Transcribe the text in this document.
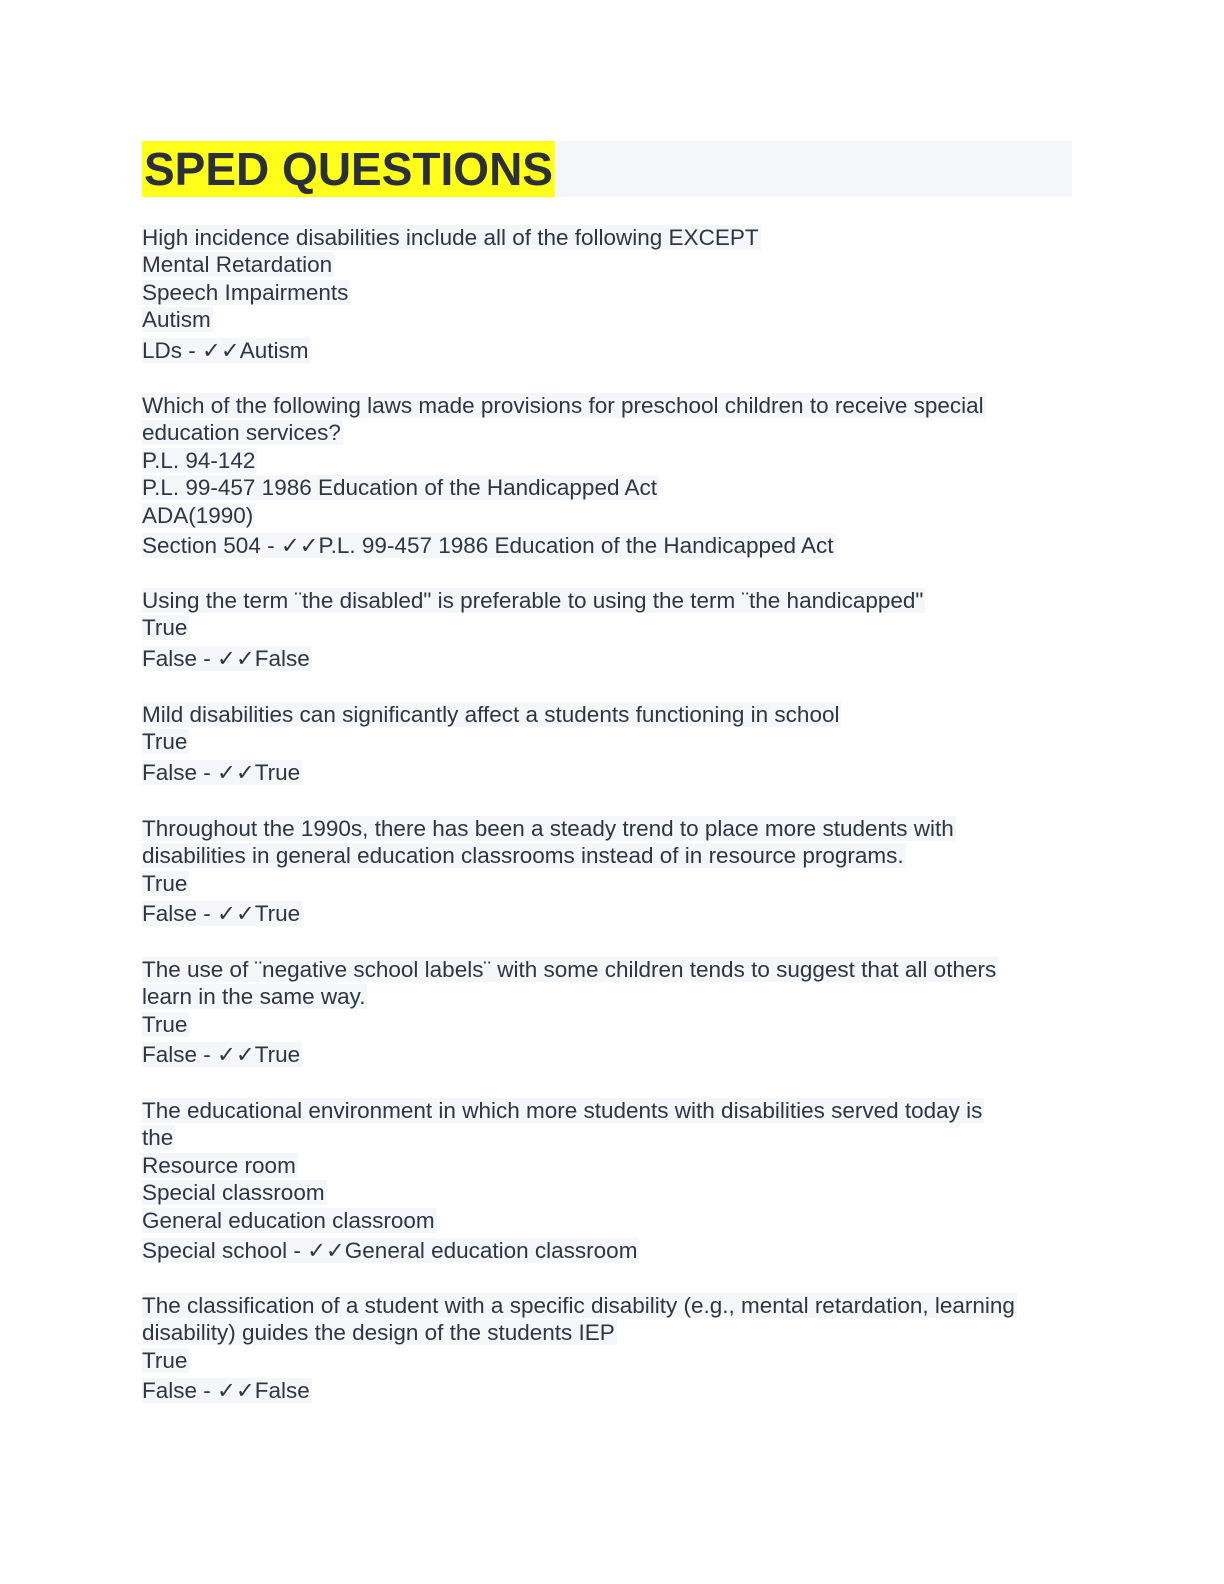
SPED QUESTIONS
High incidence disabilities include all of the following EXCEPT
Mental Retardation
Speech Impairments
Autism
LDs - ✓✓Autism
Which of the following laws made provisions for preschool children to receive special
education services?
P.L. 94-142
P.L. 99-457 1986 Education of the Handicapped Act
ADA(1990)
Section 504 - ✓✓P.L. 99-457 1986 Education of the Handicapped Act
Using the term ¨the disabled" is preferable to using the term ¨the handicapped"
True
False - ✓✓False
Mild disabilities can significantly affect a students functioning in school
True
False - ✓✓True
Throughout the 1990s, there has been a steady trend to place more students with
disabilities in general education classrooms instead of in resource programs.
True
False - ✓✓True
The use of ¨negative school labels¨ with some children tends to suggest that all others
learn in the same way.
True
False - ✓✓True
The educational environment in which more students with disabilities served today is
the
Resource room
Special classroom
General education classroom
Special school - ✓✓General education classroom
The classification of a student with a specific disability (e.g., mental retardation, learning
disability) guides the design of the students IEP
True
False - ✓✓False
